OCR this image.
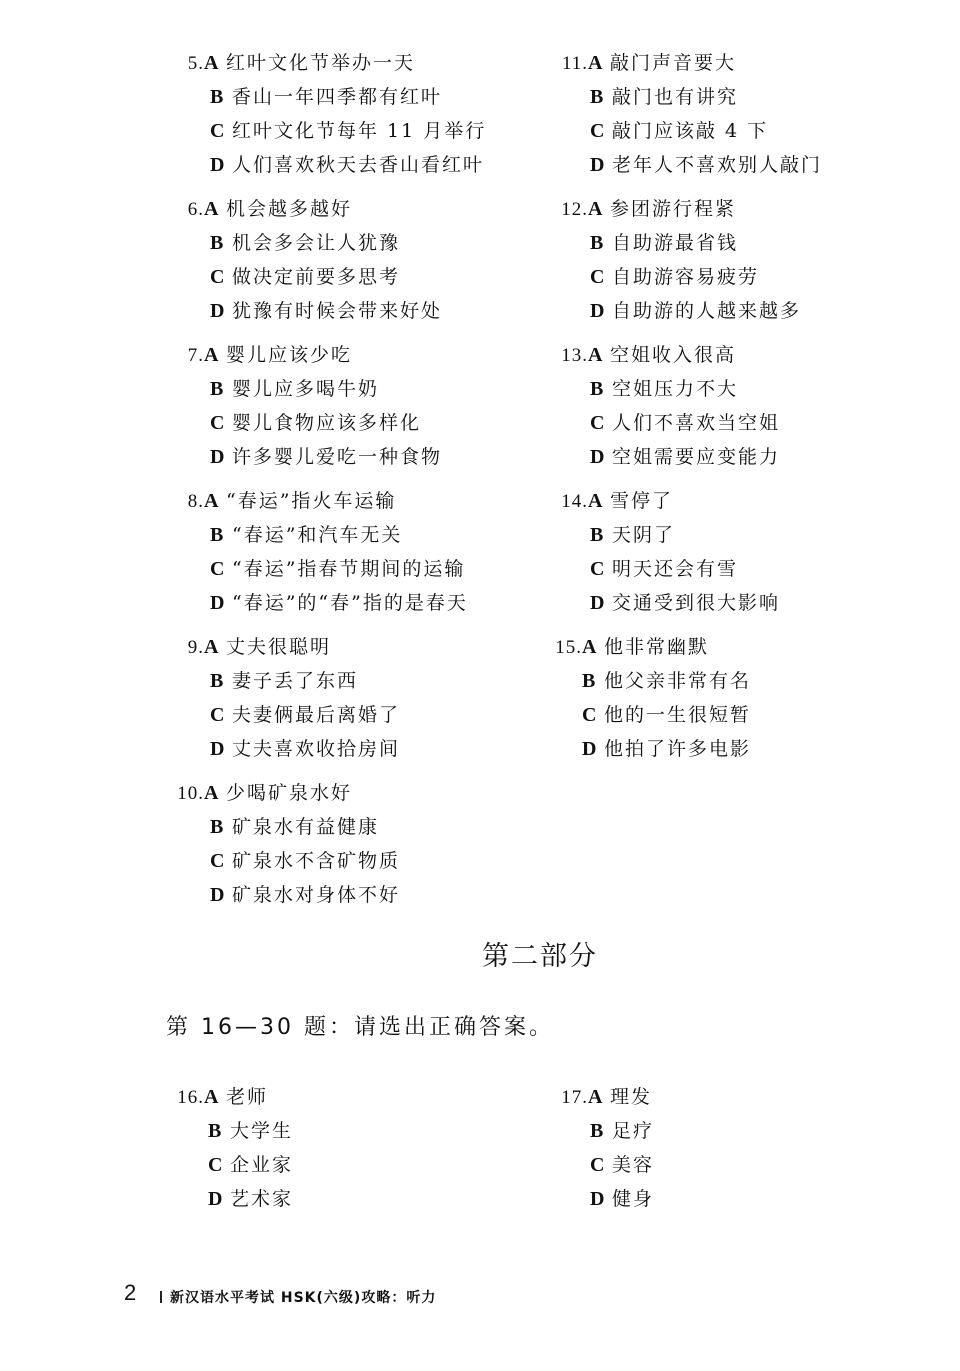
5.A 红叶文化节举办一天
B 香山一年四季都有红叶
C 红叶文化节每年 11 月举行
D 人们喜欢秋天去香山看红叶
6.A 机会越多越好
B 机会多会让人犹豫
C 做决定前要多思考
D 犹豫有时候会带来好处
7.A 婴儿应该少吃
B 婴儿应多喝牛奶
C 婴儿食物应该多样化
D 许多婴儿爱吃一种食物
8.A “春运”指火车运输
B “春运”和汽车无关
C “春运”指春节期间的运输
D “春运”的“春”指的是春天
9.A 丈夫很聪明
B 妻子丢了东西
C 夫妻俩最后离婚了
D 丈夫喜欢收拾房间
10.A 少喝矿泉水好
B 矿泉水有益健康
C 矿泉水不含矿物质
D 矿泉水对身体不好
11.A 敲门声音要大
B 敲门也有讲究
C 敲门应该敲 4 下
D 老年人不喜欢别人敲门
12.A 参团游行程紧
B 自助游最省钱
C 自助游容易疲劳
D 自助游的人越来越多
13.A 空姐收入很高
B 空姐压力不大
C 人们不喜欢当空姐
D 空姐需要应变能力
14.A 雪停了
B 天阴了
C 明天还会有雪
D 交通受到很大影响
15.A 他非常幽默
B 他父亲非常有名
C 他的一生很短暂
D 他拍了许多电影
第二部分
第 16—30 题：请选出正确答案。
16.A 老师
B 大学生
C 企业家
D 艺术家
17.A 理发
B 足疗
C 美容
D 健身
2	新汉语水平考试 HSK(六级)攻略：听力
